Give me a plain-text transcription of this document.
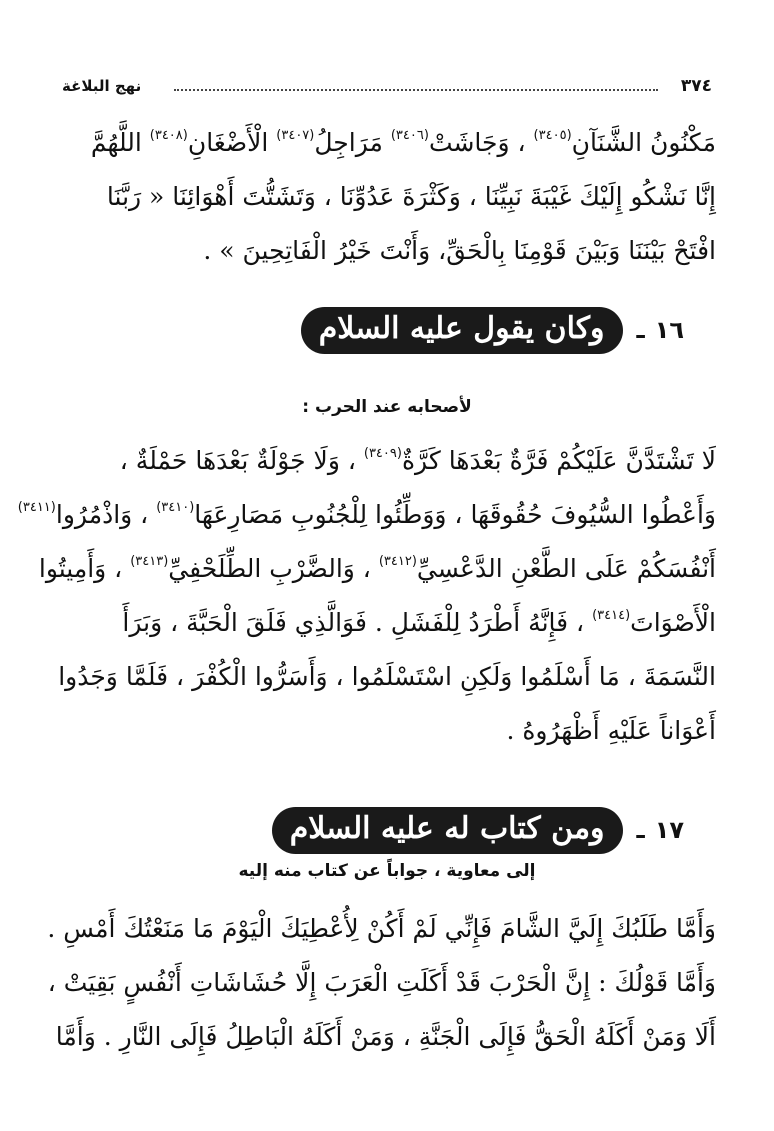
٣٧٤
نهج البلاغة
مَكْنُونُ الشَّنَآنِ$^{(٣٤٠٥)}$ ، وَجَاشَتْ$^{(٣٤٠٦)}$ مَرَاجِلُ$^{(٣٤٠٧)}$ الْأَضْغَانِ$^{(٣٤٠٨)}$ اللَّهُمَّ
إِنَّا نَشْكُو إِلَيْكَ غَيْبَةَ نَبِيِّنَا ، وَكَثْرَةَ عَدُوِّنَا ، وَتَشَتُّتَ أَهْوَائِنَا « رَبَّنَا
افْتَحْ بَيْنَنَا وَبَيْنَ قَوْمِنَا بِالْحَقِّ، وَأَنْتَ خَيْرُ الْفَاتِحِينَ » .
١٦
ـ
وكان يقول عليه السلام
لأصحابه عند الحرب :
لَا تَشْتَدَّنَّ عَلَيْكُمْ فَرَّةٌ بَعْدَهَا كَرَّةٌ$^{(٣٤٠٩)}$ ، وَلَا جَوْلَةٌ بَعْدَهَا حَمْلَةٌ ،
وَأَعْطُوا السُّيُوفَ حُقُوقَهَا ، وَوَطِّئُوا لِلْجُنُوبِ مَصَارِعَهَا$^{(٣٤١٠)}$ ، وَاذْمُرُوا$^{(٣٤١١)}$
أَنْفُسَكُمْ عَلَى الطَّعْنِ الدَّعْسِيِّ$^{(٣٤١٢)}$ ، وَالضَّرْبِ الطِّلَحْفِيِّ$^{(٣٤١٣)}$ ، وَأَمِيتُوا
الْأَصْوَاتَ$^{(٣٤١٤)}$ ، فَإِنَّهُ أَطْرَدُ لِلْفَشَلِ . فَوَالَّذِي فَلَقَ الْحَبَّةَ ، وَبَرَأَ
النَّسَمَةَ ، مَا أَسْلَمُوا وَلَكِنِ اسْتَسْلَمُوا ، وَأَسَرُّوا الْكُفْرَ ، فَلَمَّا وَجَدُوا
أَعْوَاناً عَلَيْهِ أَظْهَرُوهُ .
١٧
ـ
ومن كتاب له عليه السلام
إلى معاوية ، جواباً عن كتاب منه إليه
وَأَمَّا طَلَبُكَ إِلَيَّ الشَّامَ فَإِنِّي لَمْ أَكُنْ لِأُعْطِيَكَ الْيَوْمَ مَا مَنَعْتُكَ أَمْسِ .
وَأَمَّا قَوْلُكَ : إِنَّ الْحَرْبَ قَدْ أَكَلَتِ الْعَرَبَ إِلَّا حُشَاشَاتِ أَنْفُسٍ بَقِيَتْ ،
أَلَا وَمَنْ أَكَلَهُ الْحَقُّ فَإِلَى الْجَنَّةِ ، وَمَنْ أَكَلَهُ الْبَاطِلُ فَإِلَى النَّارِ . وَأَمَّا
